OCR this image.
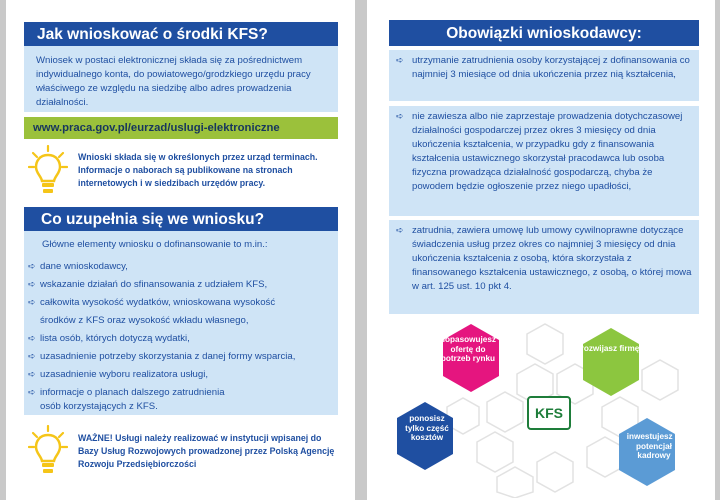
Jak wnioskować o środki KFS?
Wniosek w postaci elektronicznej składa się za pośrednictwem indywidualnego konta, do powiatowego/grodzkiego urzędu pracy właściwego ze względu na siedzibę albo adres prowadzenia działalności.
www.praca.gov.pl/eurzad/uslugi-elektroniczne
Wnioski składa się w określonych przez urząd terminach. Informacje o naborach są publikowane na stronach internetowych i w siedzibach urzędów pracy.
Co uzupełnia się we wniosku?
Główne elementy wniosku o dofinansowanie to m.in.:
➪ dane wnioskodawcy,
➪ wskazanie działań do sfinansowania z udziałem KFS,
➪ całkowita wysokość wydatków, wnioskowana wysokość
środków z KFS oraz wysokość wkładu własnego,
➪ lista osób, których dotyczą wydatki,
➪ uzasadnienie potrzeby skorzystania z danej formy wsparcia,
➪ uzasadnienie wyboru realizatora usługi,
➪ informacje o planach dalszego zatrudnienia
osób korzystających z KFS.
WAŻNE! Usługi należy realizować w instytucji wpisanej do Bazy Usług Rozwojowych prowadzonej przez Polską Agencję Rozwoju Przedsiębiorczości
Obowiązki wnioskodawcy:
➪ utrzymanie zatrudnienia osoby korzystającej z dofinansowania co najmniej 3 miesiące od dnia ukończenia przez nią kształcenia,
➪ nie zawiesza albo nie zaprzestaje prowadzenia dotychczasowej działalności gospodarczej przez okres 3 miesięcy od dnia ukończenia kształcenia, w przypadku gdy z finansowania kształcenia ustawicznego skorzystał pracodawca lub osoba fizyczna prowadząca działalność gospodarczą, chyba że powodem będzie ogłoszenie przez niego upadłości,
➪ zatrudnia, zawiera umowę lub umowy cywilnoprawne dotyczące świadczenia usług przez okres co najmniej 3 miesięcy od dnia ukończenia kształcenia z osobą, która skorzystała z finansowanego kształcenia ustawicznego, z osobą, o której mowa w art. 125 ust. 10 pkt 4.
dopasowujesz ofertę do potrzeb rynku
rozwijasz firmę
ponosisz tylko część kosztów	inwestujesz w potencjał kadrowy
KFS
